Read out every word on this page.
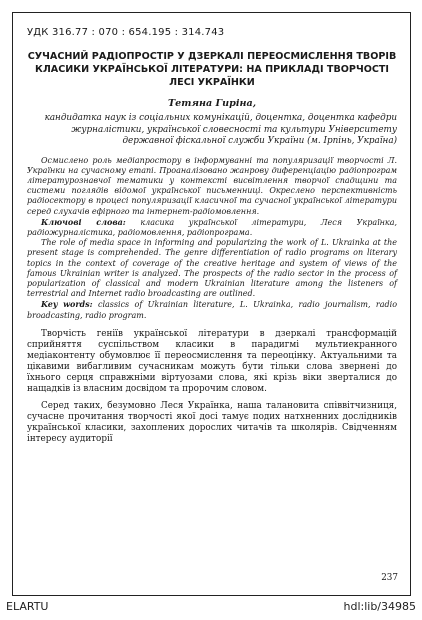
УДК 316.77 : 070 : 654.195 : 314.743
СУЧАСНИЙ РАДІОПРОСТІР У ДЗЕРКАЛІ ПЕРЕОСМИСЛЕННЯ ТВОРІВ КЛАСИКИ УКРАЇНСЬКОЇ ЛІТЕРАТУРИ: НА ПРИКЛАДІ ТВОРЧОСТІ ЛЕСІ УКРАЇНКИ
Тетяна Гиріна,
кандидатка наук із соціальних комунікацій, доцентка, доцентка кафедри журналістики, української словесності та культури Університету державної фіскальної служби України (м. Ірпінь, Україна)

Осмислено роль медіапростору в інформуванні та популяризації творчості Л. Українки на сучасному етапі. Проаналізовано жанрову диференціацію радіопрограм літературознавчої тематики у контексті висвітлення творчої спадщини та системи поглядів відомої української письменниці. Окреслено перспективність радіосектору в процесі популяризації класичної та сучасної української літератури серед слухачів ефірного та інтернет-радіомовлення.

Ключові слова: класика української літератури, Леся Українка, радіожурналістика, радіомовлення, радіопрограма.

The role of media space in informing and popularizing the work of L. Ukrainka at the present stage is comprehended. The genre differentiation of radio programs on literary topics in the context of coverage of the creative heritage and system of views of the famous Ukrainian writer is analyzed. The prospects of the radio sector in the process of popularization of classical and modern Ukrainian literature among the listeners of terrestrial and Internet radio broadcasting are outlined.

Key words: classics of Ukrainian literature, L. Ukrainka, radio journalism, radio broadcasting, radio program.

Творчість геніїв української літератури в дзеркалі трансформацій сприйняття суспільством класики в парадигмі мультиекранного медіаконтенту обумовлює її переосмислення та переоцінку. Актуальними та цікавими вибагливим сучасникам можуть бути тільки слова звернені до їхнього серця справжніми віртуозами слова, які крізь віки зверталися до нащадків із власним досвідом та пророчим словом.

Серед таких, безумовно Леся Українка, наша талановита співвітчизниця, сучасне прочитання творчості якої досі тамує подих натхненних дослідників української класики, захоплених дорослих читачів та школярів. Свідченням інтересу аудиторії

237
ELARTU	hdl:lib/34985
